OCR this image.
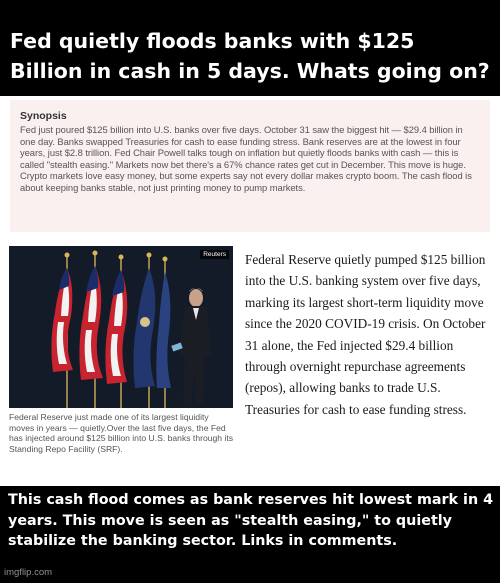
Fed quietly floods banks with $125 Billion in cash in 5 days. Whats going on?
Synopsis
Fed just poured $125 billion into U.S. banks over five days. October 31 saw the biggest hit — $29.4 billion in one day. Banks swapped Treasuries for cash to ease funding stress. Bank reserves are at the lowest in four years, just $2.8 trillion. Fed Chair Powell talks tough on inflation but quietly floods banks with cash — this is called "stealth easing." Markets now bet there's a 67% chance rates get cut in December. This move is huge. Crypto markets love easy money, but some experts say not every dollar makes crypto boom. The cash flood is about keeping banks stable, not just printing money to pump markets.
Reuters
Federal Reserve just made one of its largest liquidity moves in years — quietly.Over the last five days, the Fed has injected around $125 billion into U.S. banks through its Standing Repo Facility (SRF).
Federal Reserve quietly pumped $125 billion into the U.S. banking system over five days, marking its largest short-term liquidity move since the 2020 COVID-19 crisis. On October 31 alone, the Fed injected $29.4 billion through overnight repurchase agreements (repos), allowing banks to trade U.S. Treasuries for cash to ease funding stress.
This cash flood comes as bank reserves hit lowest mark in 4 years. This move is seen as "stealth easing," to quietly stabilize the banking sector. Links in comments.
imgflip.com
